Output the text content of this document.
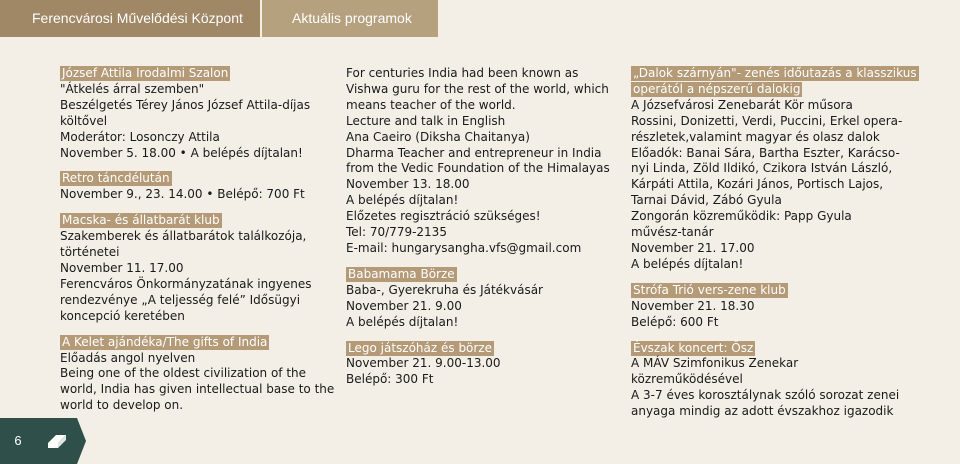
Ferencvárosi Művelődési Központ	Aktuális programok
József Attila Irodalmi Szalon
"Átkelés árral szemben"
Beszélgetés Térey János József Attila-díjas
költővel
Moderátor: Losonczy Attila
November 5. 18.00 • A belépés díjtalan!
Retro táncdélután
November 9., 23. 14.00 • Belépő: 700 Ft
Macska- és állatbarát klub
Szakemberek és állatbarátok találkozója,
történetei
November 11. 17.00
Ferencváros Önkormányzatának ingyenes
rendezvénye „A teljesség felé” Idősügyi
koncepció keretében
A Kelet ajándéka/The gifts of India
Előadás angol nyelven
Being one of the oldest civilization of the
world, India has given intellectual base to the
world to develop on.
For centuries India had been known as
Vishwa guru for the rest of the world, which
means teacher of the world.
Lecture and talk in English
Ana Caeiro (Diksha Chaitanya)
Dharma Teacher and entrepreneur in India
from the Vedic Foundation of the Himalayas
November 13. 18.00
A belépés díjtalan!
Előzetes regisztráció szükséges!
Tel: 70/779-2135
E-mail: hungarysangha.vfs@gmail.com
Babamama Börze
Baba-, Gyerekruha és Játékvásár
November 21. 9.00
A belépés díjtalan!
Lego játszóház és börze
November 21. 9.00-13.00
Belépő: 300 Ft
„Dalok szárnyán"- zenés időutazás a klasszikus
operától a népszerű dalokig
A Józsefvárosi Zenebarát Kör műsora
Rossini, Donizetti, Verdi, Puccini, Erkel opera-
részletek,valamint magyar és olasz dalok
Előadók: Banai Sára, Bartha Eszter, Karácso-
nyi Linda, Zöld Ildikó, Czikora István László,
Kárpáti Attila, Kozári János, Portisch Lajos,
Tarnai Dávid, Zábó Gyula
Zongorán közreműködik: Papp Gyula
művész-tanár
November 21. 17.00
A belépés díjtalan!
Strófa Trió vers-zene klub
November 21. 18.30
Belépő: 600 Ft
Évszak koncert: Ősz
A MÁV Szimfonikus Zenekar
közreműködésével
A 3-7 éves korosztálynak szóló sorozat zenei
anyaga mindig az adott évszakhoz igazodik
6
